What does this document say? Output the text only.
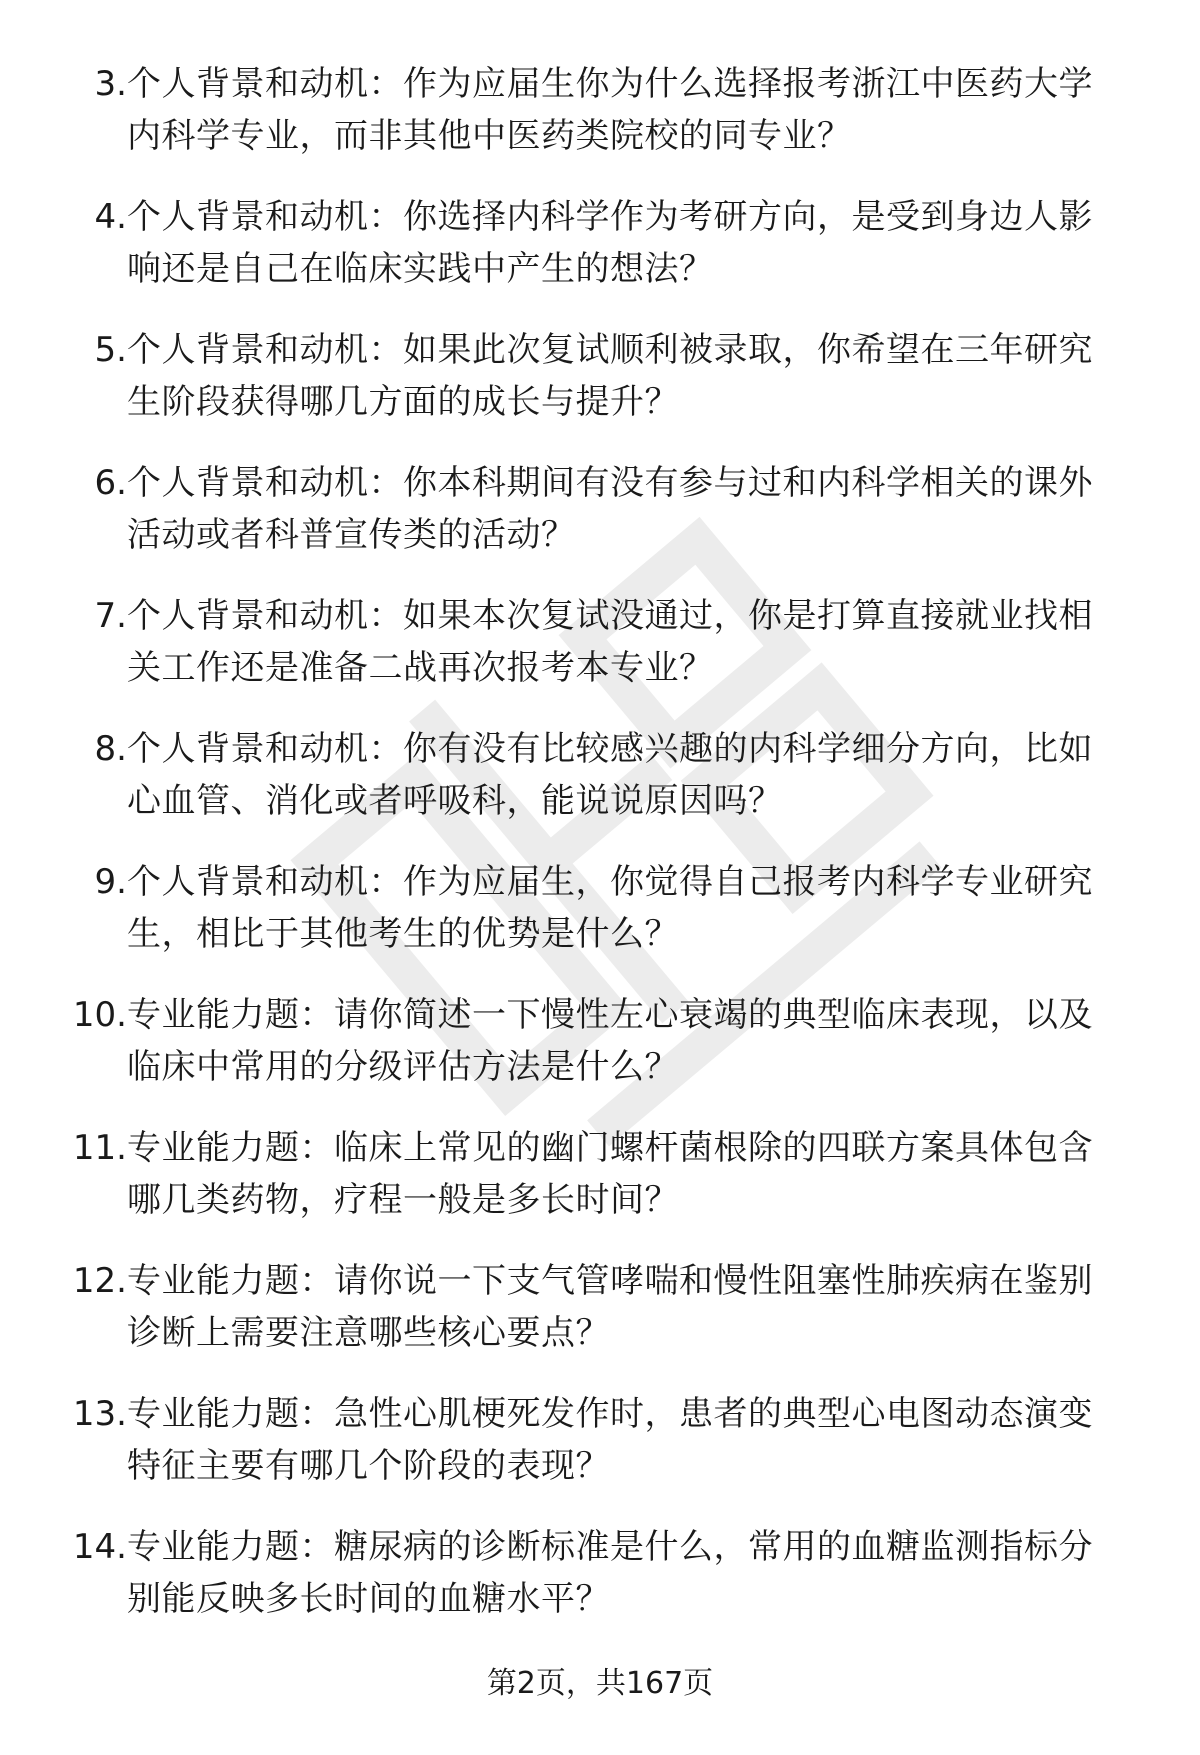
3. 个人背景和动机：作为应届生你为什么选择报考浙江中医药大学
内科学专业，而非其他中医药类院校的同专业？
4. 个人背景和动机：你选择内科学作为考研方向，是受到身边人影
响还是自己在临床实践中产生的想法？
5. 个人背景和动机：如果此次复试顺利被录取，你希望在三年研究
生阶段获得哪几方面的成长与提升？
6. 个人背景和动机：你本科期间有没有参与过和内科学相关的课外
活动或者科普宣传类的活动？
7. 个人背景和动机：如果本次复试没通过，你是打算直接就业找相
关工作还是准备二战再次报考本专业？
8. 个人背景和动机：你有没有比较感兴趣的内科学细分方向，比如
心血管、消化或者呼吸科，能说说原因吗？
9. 个人背景和动机：作为应届生，你觉得自己报考内科学专业研究
生，相比于其他考生的优势是什么？
10. 专业能力题：请你简述一下慢性左心衰竭的典型临床表现，以及
临床中常用的分级评估方法是什么？
11. 专业能力题：临床上常见的幽门螺杆菌根除的四联方案具体包含
哪几类药物，疗程一般是多长时间？
12. 专业能力题：请你说一下支气管哮喘和慢性阻塞性肺疾病在鉴别
诊断上需要注意哪些核心要点？
13. 专业能力题：急性心肌梗死发作时，患者的典型心电图动态演变
特征主要有哪几个阶段的表现？
14. 专业能力题：糖尿病的诊断标准是什么，常用的血糖监测指标分
别能反映多长时间的血糖水平？
第2页，共167页
